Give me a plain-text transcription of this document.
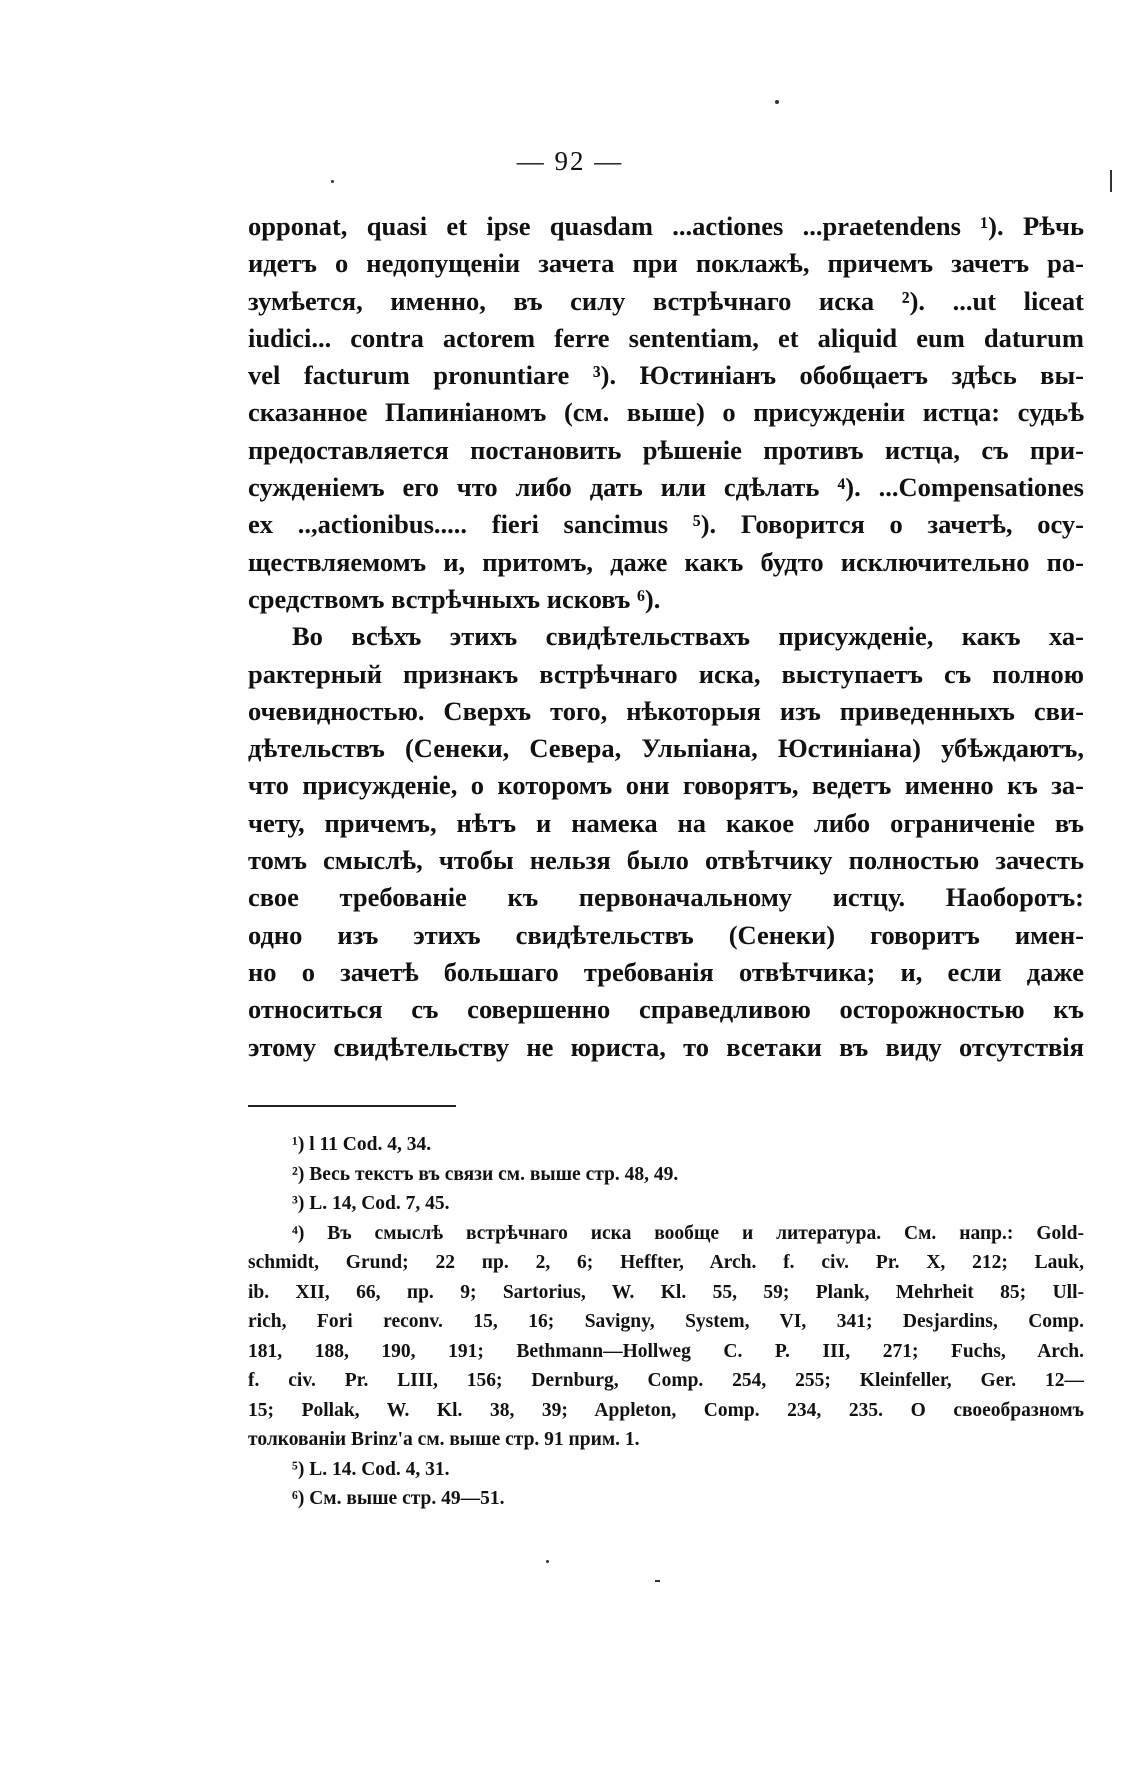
— 92 —
opponat, quasi et ipse quasdam ...actiones ...praetendens ¹). Рѣчь
идетъ о недопущеніи зачета при поклажѣ, причемъ зачетъ ра-
зумѣется, именно, въ силу встрѣчнаго иска ²). ...ut liceat
iudici... contra actorem ferre sententiam, et aliquid eum daturum
vel facturum pronuntiare ³). Юстиніанъ обобщаетъ здѣсь вы-
сказанное Папиніаномъ (см. выше) о присужденіи истца: судьѣ
предоставляется постановить рѣшеніе противъ истца, съ при-
сужденіемъ его что либо дать или сдѣлать ⁴). ...Compensationes
ex ..,actionibus..... fieri sancimus ⁵). Говорится о зачетѣ, осу-
ществляемомъ и, притомъ, даже какъ будто исключительно по-
средствомъ встрѣчныхъ исковъ ⁶).
Во всѣхъ этихъ свидѣтельствахъ присужденіе, какъ ха-
рактерный признакъ встрѣчнаго иска, выступаетъ съ полною
очевидностью. Сверхъ того, нѣкоторыя изъ приведенныхъ сви-
дѣтельствъ (Сенеки, Севера, Ульпіана, Юстиніана) убѣждаютъ,
что присужденіе, о которомъ они говорятъ, ведетъ именно къ за-
чету, причемъ, нѣтъ и намека на какое либо ограниченіе въ
томъ смыслѣ, чтобы нельзя было отвѣтчику полностью зачесть
свое требованіе къ первоначальному истцу. Наоборотъ:
одно изъ этихъ свидѣтельствъ (Сенеки) говоритъ имен-
но о зачетѣ большаго требованія отвѣтчика; и, если даже
относиться съ совершенно справедливою осторожностью къ
этому свидѣтельству не юриста, то всетаки въ виду отсутствія
¹) l 11 Cod. 4, 34.
²) Весь текстъ въ связи см. выше стр. 48, 49.
³) L. 14, Cod. 7, 45.
⁴) Въ смыслѣ встрѣчнаго иска вообще и литература. См. напр.: Gold-
schmidt, Grund; 22 пр. 2, 6; Heffter, Arch. f. civ. Pr. X, 212; Lauk,
ib. XII, 66, пр. 9; Sartorius, W. Kl. 55, 59; Plank, Mehrheit 85; Ull-
rich, Fori reconv. 15, 16; Savigny, System, VI, 341; Desjardins, Comp.
181, 188, 190, 191; Bethmann—Hollweg C. P. III, 271; Fuchs, Arch.
f. civ. Pr. LIII, 156; Dernburg, Comp. 254, 255; Kleinfeller, Ger. 12—
15; Pollak, W. Kl. 38, 39; Appleton, Comp. 234, 235. О своеобразномъ
толкованіи Brinz'a см. выше стр. 91 прим. 1.
⁵) L. 14. Cod. 4, 31.
⁶) См. выше стр. 49—51.
